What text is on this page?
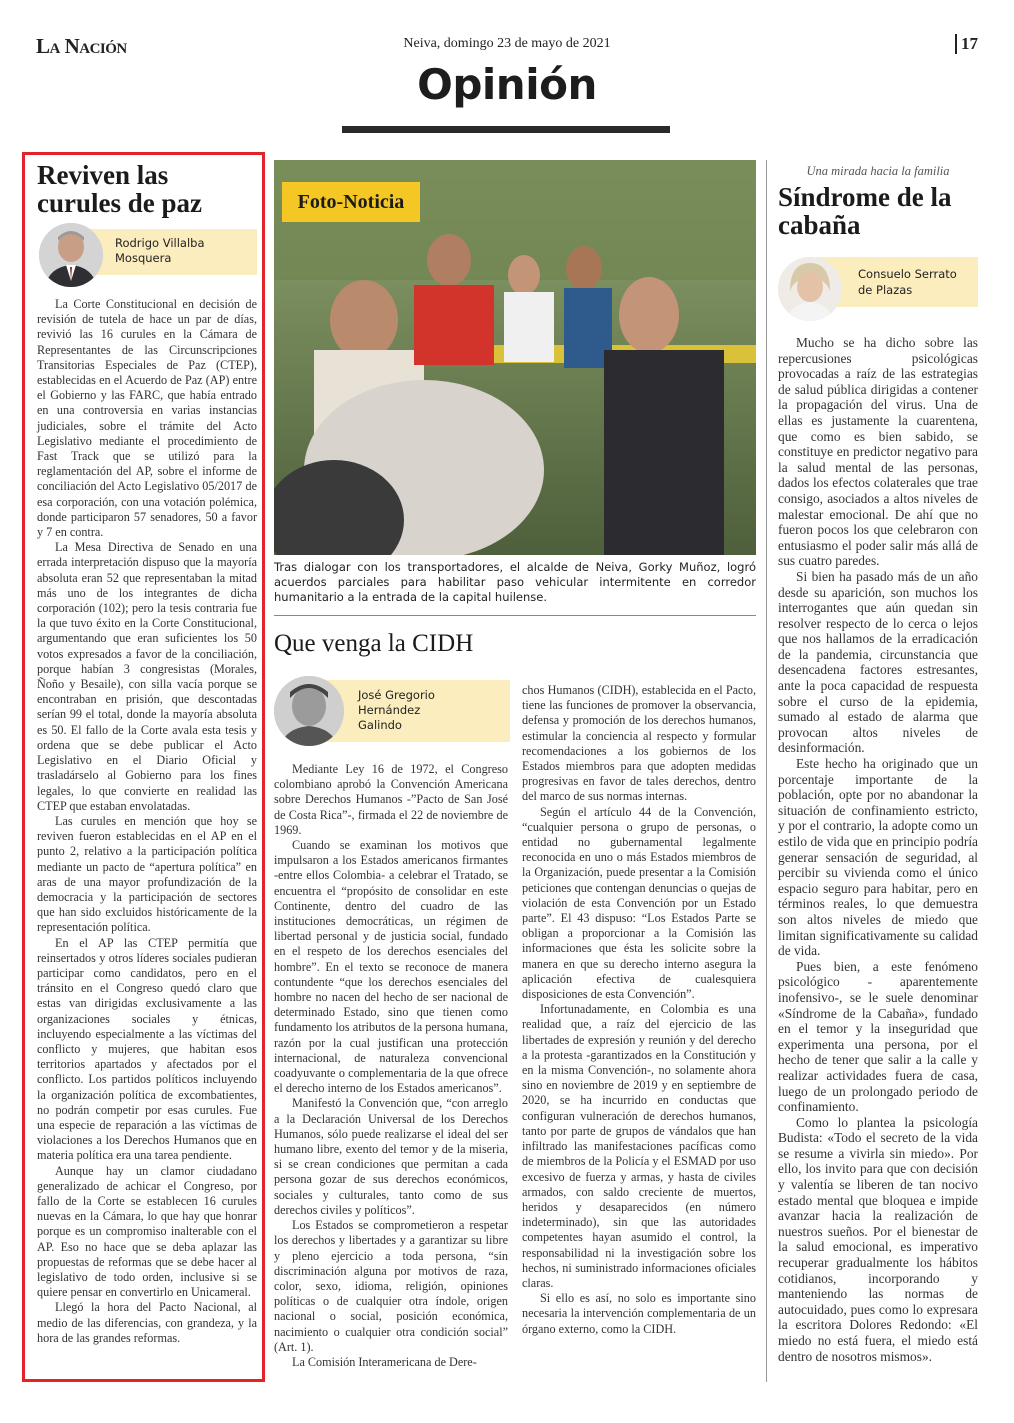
La Nación	Neiva, domingo 23 de mayo de 2021	17
Opinión
Reviven las curules de paz
Rodrigo Villalba
Mosquera

La Corte Constitucional en decisión de revisión de tutela de hace un par de días, revivió las 16 curules en la Cámara de Representantes de las Circunscripciones Transitorias Especiales de Paz (CTEP), establecidas en el Acuerdo de Paz (AP) entre el Gobierno y las FARC, que había entrado en una controversia en varias instancias judiciales, sobre el trámite del Acto Legislativo mediante el procedimiento de Fast Track que se utilizó para la reglamentación del AP, sobre el informe de conciliación del Acto Legislativo 05/2017 de esa corporación, con una votación polémica, donde participaron 57 senadores, 50 a favor y 7 en contra.

La Mesa Directiva de Senado en una errada interpretación dispuso que la mayoría absoluta eran 52 que representaban la mitad más uno de los integrantes de dicha corporación (102); pero la tesis contraria fue la que tuvo éxito en la Corte Constitucional, argumentando que eran suficientes los 50 votos expresados a favor de la conciliación, porque habían 3 congresistas (Morales, Ñoño y Besaile), con silla vacía porque se encontraban en prisión, que descontadas serían 99 el total, donde la mayoría absoluta es 50. El fallo de la Corte avala esta tesis y ordena que se debe publicar el Acto Legislativo en el Diario Oficial y trasladárselo al Gobierno para los fines legales, lo que convierte en realidad las CTEP que estaban envolatadas.

Las curules en mención que hoy se reviven fueron establecidas en el AP en el punto 2, relativo a la participación política mediante un pacto de “apertura política” en aras de una mayor profundización de la democracia y la participación de sectores que han sido excluidos históricamente de la representación política.

En el AP las CTEP permitía que reinsertados y otros líderes sociales pudieran participar como candidatos, pero en el tránsito en el Congreso quedó claro que estas van dirigidas exclusivamente a las organizaciones sociales y étnicas, incluyendo especialmente a las víctimas del conflicto y mujeres, que habitan esos territorios apartados y afectados por el conflicto. Los partidos políticos incluyendo la organización política de excombatientes, no podrán competir por esas curules. Fue una especie de reparación a las víctimas de violaciones a los Derechos Humanos que en materia política era una tarea pendiente.

Aunque hay un clamor ciudadano generalizado de achicar el Congreso, por fallo de la Corte se establecen 16 curules nuevas en la Cámara, lo que hay que honrar porque es un compromiso inalterable con el AP. Eso no hace que se deba aplazar las propuestas de reformas que se debe hacer al legislativo de todo orden, inclusive si se quiere pensar en convertirlo en Unicameral.

Llegó la hora del Pacto Nacional, al medio de las diferencias, con grandeza, y la hora de las grandes reformas.

Foto-Noticia
Tras dialogar con los transportadores, el alcalde de Neiva, Gorky Muñoz, logró acuerdos parciales para habilitar paso vehicular intermitente en corredor humanitario a la entrada de la capital huilense.
Que venga la CIDH
José Gregorio
Hernández
Galindo

Mediante Ley 16 de 1972, el Congreso colombiano aprobó la Convención Americana sobre Derechos Humanos -”Pacto de San José de Costa Rica”-, firmada el 22 de noviembre de 1969.

Cuando se examinan los motivos que impulsaron a los Estados americanos firmantes -entre ellos Colombia- a celebrar el Tratado, se encuentra el “propósito de consolidar en este Continente, dentro del cuadro de las instituciones democráticas, un régimen de libertad personal y de justicia social, fundado en el respeto de los derechos esenciales del hombre”. En el texto se reconoce de manera contundente “que los derechos esenciales del hombre no nacen del hecho de ser nacional de determinado Estado, sino que tienen como fundamento los atributos de la persona humana, razón por la cual justifican una protección internacional, de naturaleza convencional coadyuvante o complementaria de la que ofrece el derecho interno de los Estados americanos”.

Manifestó la Convención que, “con arreglo a la Declaración Universal de los Derechos Humanos, sólo puede realizarse el ideal del ser humano libre, exento del temor y de la miseria, si se crean condiciones que permitan a cada persona gozar de sus derechos económicos, sociales y culturales, tanto como de sus derechos civiles y políticos”.

Los Estados se comprometieron a respetar los derechos y libertades y a garantizar su libre y pleno ejercicio a toda persona, “sin discriminación alguna por motivos de raza, color, sexo, idioma, religión, opiniones políticas o de cualquier otra índole, origen nacional o social, posición económica, nacimiento o cualquier otra condición social” (Art. 1).

La Comisión Interamericana de Dere-

chos Humanos (CIDH), establecida en el Pacto, tiene las funciones de promover la observancia, defensa y promoción de los derechos humanos, estimular la conciencia al respecto y formular recomendaciones a los gobiernos de los Estados miembros para que adopten medidas progresivas en favor de tales derechos, dentro del marco de sus normas internas.

Según el artículo 44 de la Convención, “cualquier persona o grupo de personas, o entidad no gubernamental legalmente reconocida en uno o más Estados miembros de la Organización, puede presentar a la Comisión peticiones que contengan denuncias o quejas de violación de esta Convención por un Estado parte”. El 43 dispuso: “Los Estados Parte se obligan a proporcionar a la Comisión las informaciones que ésta les solicite sobre la manera en que su derecho interno asegura la aplicación efectiva de cualesquiera disposiciones de esta Convención”.

Infortunadamente, en Colombia es una realidad que, a raíz del ejercicio de las libertades de expresión y reunión y del derecho a la protesta -garantizados en la Constitución y en la misma Convención-, no solamente ahora sino en noviembre de 2019 y en septiembre de 2020, se ha incurrido en conductas que configuran vulneración de derechos humanos, tanto por parte de grupos de vándalos que han infiltrado las manifestaciones pacíficas como de miembros de la Policía y el ESMAD por uso excesivo de fuerza y armas, y hasta de civiles armados, con saldo creciente de muertos, heridos y desaparecidos (en número indeterminado), sin que las autoridades competentes hayan asumido el control, la responsabilidad ni la investigación sobre los hechos, ni suministrado informaciones oficiales claras.

Si ello es así, no solo es importante sino necesaria la intervención complementaria de un órgano externo, como la CIDH.

Una mirada hacia la familia
Síndrome de la cabaña
Consuelo Serrato
de Plazas

Mucho se ha dicho sobre las repercusiones psicológicas provocadas a raíz de las estrategias de salud pública dirigidas a contener la propagación del virus. Una de ellas es justamente la cuarentena, que como es bien sabido, se constituye en predictor negativo para la salud mental de las personas, dados los efectos colaterales que trae consigo, asociados a altos niveles de malestar emocional. De ahí que no fueron pocos los que celebraron con entusiasmo el poder salir más allá de sus cuatro paredes.

Si bien ha pasado más de un año desde su aparición, son muchos los interrogantes que aún quedan sin resolver respecto de lo cerca o lejos que nos hallamos de la erradicación de la pandemia, circunstancia que desencadena factores estresantes, ante la poca capacidad de respuesta sobre el curso de la epidemia, sumado al estado de alarma que provocan altos niveles de desinformación.

Este hecho ha originado que un porcentaje importante de la población, opte por no abandonar la situación de confinamiento estricto, y por el contrario, la adopte como un estilo de vida que en principio podría generar sensación de seguridad, al percibir su vivienda como el único espacio seguro para habitar, pero en términos reales, lo que demuestra son altos niveles de miedo que limitan significativamente su calidad de vida.

Pues bien, a este fenómeno psicológico - aparentemente inofensivo-, se le suele denominar «Síndrome de la Cabaña», fundado en el temor y la inseguridad que experimenta una persona, por el hecho de tener que salir a la calle y realizar actividades fuera de casa, luego de un prolongado periodo de confinamiento.

Como lo plantea la psicología Budista: «Todo el secreto de la vida se resume a vivirla sin miedo». Por ello, los invito para que con decisión y valentía se liberen de tan nocivo estado mental que bloquea e impide avanzar hacia la realización de nuestros sueños. Por el bienestar de la salud emocional, es imperativo recuperar gradualmente los hábitos cotidianos, incorporando y manteniendo las normas de autocuidado, pues como lo expresara la escritora Dolores Redondo: «El miedo no está fuera, el miedo está dentro de nosotros mismos».
